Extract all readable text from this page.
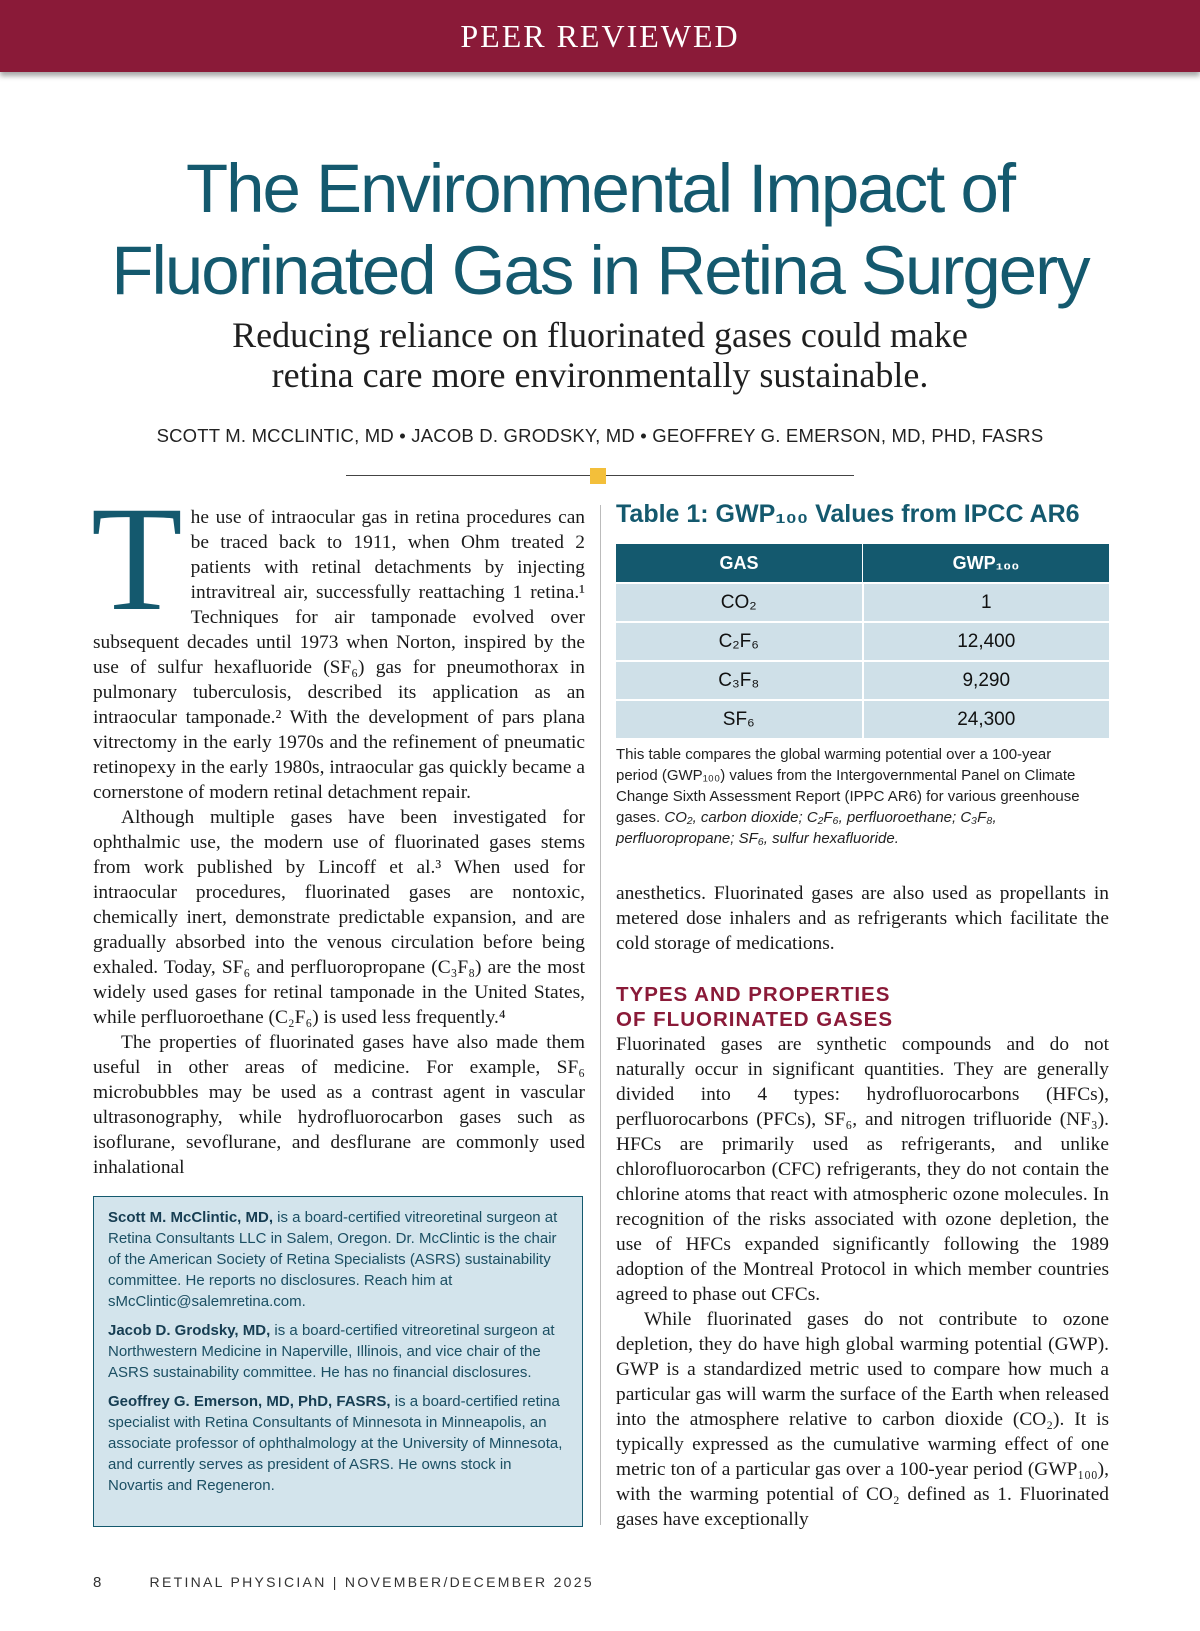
PEER REVIEWED
The Environmental Impact of
Fluorinated Gas in Retina Surgery
Reducing reliance on fluorinated gases could make
retina care more environmentally sustainable.
SCOTT M. MCCLINTIC, MD • JACOB D. GRODSKY, MD • GEOFFREY G. EMERSON, MD, PHD, FASRS
T he use of intraocular gas in retina procedures can be traced back to 1911, when Ohm treated 2 patients with retinal detachments by injecting intravitreal air, successfully reattaching 1 retina.¹ Techniques for air tamponade evolved over subsequent decades until 1973 when Norton, inspired by the use of sulfur hexafluoride (SF₆) gas for pneumothorax in pulmonary tuberculosis, described its application as an intraocular tamponade.² With the development of pars plana vitrectomy in the early 1970s and the refinement of pneumatic retinopexy in the early 1980s, intraocular gas quickly became a cornerstone of modern retinal detachment repair.

Although multiple gases have been investigated for ophthalmic use, the modern use of fluorinated gases stems from work published by Lincoff et al.³ When used for intraocular procedures, fluorinated gases are nontoxic, chemically inert, demonstrate predictable expansion, and are gradually absorbed into the venous circulation before being exhaled. Today, SF₆ and perfluoropropane (C₃F₈) are the most widely used gases for retinal tamponade in the United States, while perfluoroethane (C₂F₆) is used less frequently.⁴

The properties of fluorinated gases have also made them useful in other areas of medicine. For example, SF₆ microbubbles may be used as a contrast agent in vascular ultrasonography, while hydrofluorocarbon gases such as isoflurane, sevoflurane, and desflurane are commonly used inhalational

Table 1: GWP₁₀₀ Values from IPCC AR6
GAS	GWP₁₀₀
CO₂	1
C₂F₆	12,400
C₃F₈	9,290
SF₆	24,300
This table compares the global warming potential over a 100-year period (GWP₁₀₀) values from the Intergovernmental Panel on Climate Change Sixth Assessment Report (IPPC AR6) for various greenhouse gases. CO₂, carbon dioxide; C₂F₆, perfluoroethane; C₃F₈, perfluoropropane; SF₆, sulfur hexafluoride.

anesthetics. Fluorinated gases are also used as propellants in metered dose inhalers and as refrigerants which facilitate the cold storage of medications.

TYPES AND PROPERTIES
OF FLUORINATED GASES

Fluorinated gases are synthetic compounds and do not naturally occur in significant quantities. They are generally divided into 4 types: hydrofluorocarbons (HFCs), perfluorocarbons (PFCs), SF₆, and nitrogen trifluoride (NF₃). HFCs are primarily used as refrigerants, and unlike chlorofluorocarbon (CFC) refrigerants, they do not contain the chlorine atoms that react with atmospheric ozone molecules. In recognition of the risks associated with ozone depletion, the use of HFCs expanded significantly following the 1989 adoption of the Montreal Protocol in which member countries agreed to phase out CFCs.

While fluorinated gases do not contribute to ozone depletion, they do have high global warming potential (GWP). GWP is a standardized metric used to compare how much a particular gas will warm the surface of the Earth when released into the atmosphere relative to carbon dioxide (CO₂). It is typically expressed as the cumulative warming effect of one metric ton of a particular gas over a 100-year period (GWP₁₀₀), with the warming potential of CO₂ defined as 1. Fluorinated gases have exceptionally

Scott M. McClintic, MD, is a board-certified vitreoretinal surgeon at Retina Consultants LLC in Salem, Oregon. Dr. McClintic is the chair of the American Society of Retina Specialists (ASRS) sustainability committee. He reports no disclosures. Reach him at sMcClintic@salemretina.com.

Jacob D. Grodsky, MD, is a board-certified vitreoretinal surgeon at Northwestern Medicine in Naperville, Illinois, and vice chair of the ASRS sustainability committee. He has no financial disclosures.

Geoffrey G. Emerson, MD, PhD, FASRS, is a board-certified retina specialist with Retina Consultants of Minnesota in Minneapolis, an associate professor of ophthalmology at the University of Minnesota, and currently serves as president of ASRS. He owns stock in Novartis and Regeneron.

8	RETINAL PHYSICIAN | NOVEMBER/DECEMBER 2025
